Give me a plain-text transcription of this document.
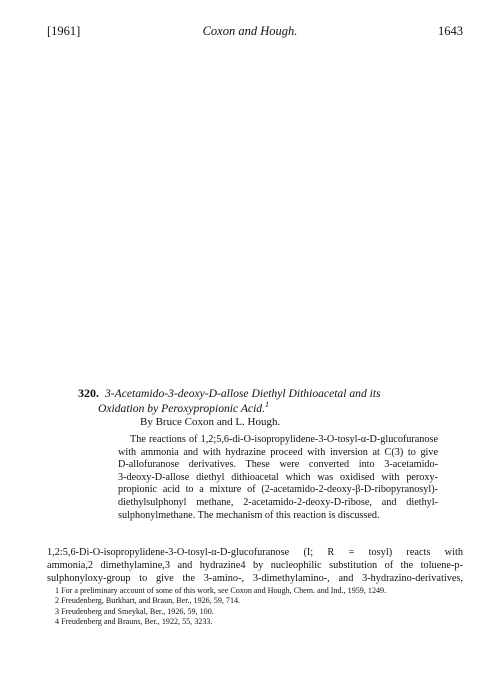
[1961]	Coxon and Hough.	1643
320. 3-Acetamido-3-deoxy-D-allose Diethyl Dithioacetal and its
Oxidation by Peroxypropionic Acid.$^1$
By Bruce Coxon and L. Hough.
The reactions of 1,2;5,6-di-O-isopropylidene-3-O-tosyl-α-D-glucofuranose
with ammonia and with hydrazine proceed with inversion at C(3) to give
D-allofuranose derivatives. These were converted into 3-acetamido-
3-deoxy-D-allose diethyl dithioacetal which was oxidised with peroxy-
propionic acid to a mixture of (2-acetamido-2-deoxy-β-D-ribopyranosyl)-
diethylsulphonyl methane, 2-acetamido-2-deoxy-D-ribose, and diethyl-
sulphonylmethane. The mechanism of this reaction is discussed.
1,2:5,6-Di-O-isopropylidene-3-O-tosyl-α-D-glucofuranose (I; R = tosyl) reacts with
ammonia,2 dimethylamine,3 and hydrazine4 by nucleophilic substitution of the toluene-p-
sulphonyloxy-group to give the 3-amino-, 3-dimethylamino-, and 3-hydrazino-derivatives,
1 For a preliminary account of some of this work, see Coxon and Hough, Chem. and Ind., 1959, 1249.
2 Freudenberg, Burkhart, and Braun, Ber., 1926, 59, 714.
3 Freudenberg and Smeykal, Ber., 1926, 59, 100.
4 Freudenberg and Brauns, Ber., 1922, 55, 3233.
